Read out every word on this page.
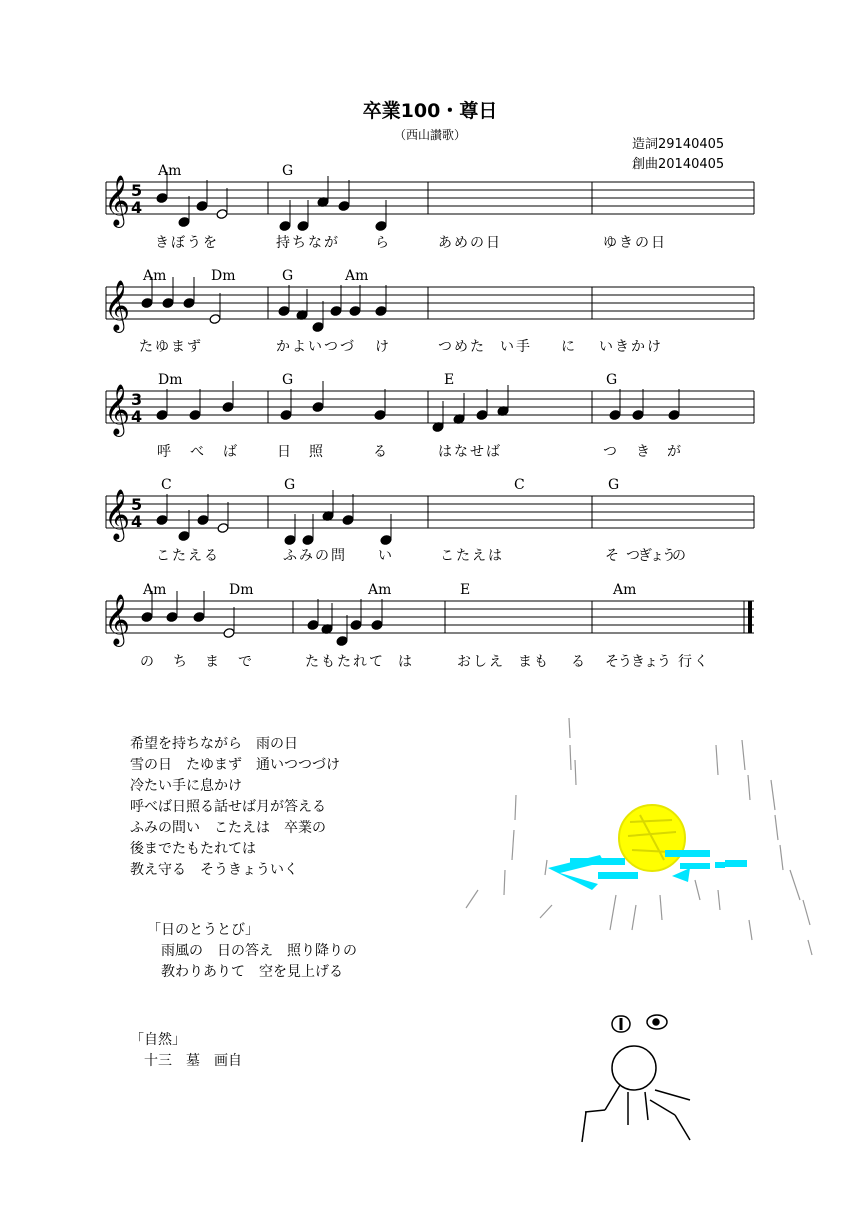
卒業100・尊日
（西山讃歌）
造詞29140405
創曲20140405
𝄞
𝄞
𝄞
𝄞
𝄞
5
4
3
4
5
4
Am	G
Am	Dm	G	Am
Dm	G	E	G
C	G	C	G
Am	Dm	Am	E	Am
きぼうを	持ちなが	ら	あめの日	ゆきの日
たゆまず	かよいつづ け	つめた い手 に いきかけ
呼 べ ば	日 照	る	はなせば	つ き が
こたえる	ふみの問 い	こたえは	そ つぎょう
の
の ち ま で	たもたれて は	おしえ まも る そうきょう 行く
希望を持ちながら　雨の日
雪の日　たゆまず　通いつつづけ
冷たい手に息かけ
呼べば日照る話せば月が答える
ふみの問い　こたえは　卒業の
後までたもたれては
教え守る　そうきょういく
「日のとうとび」
　雨風の　日の答え　照り降りの
　教わりありて　空を見上げる
「自然」
　十三　墓　画自
